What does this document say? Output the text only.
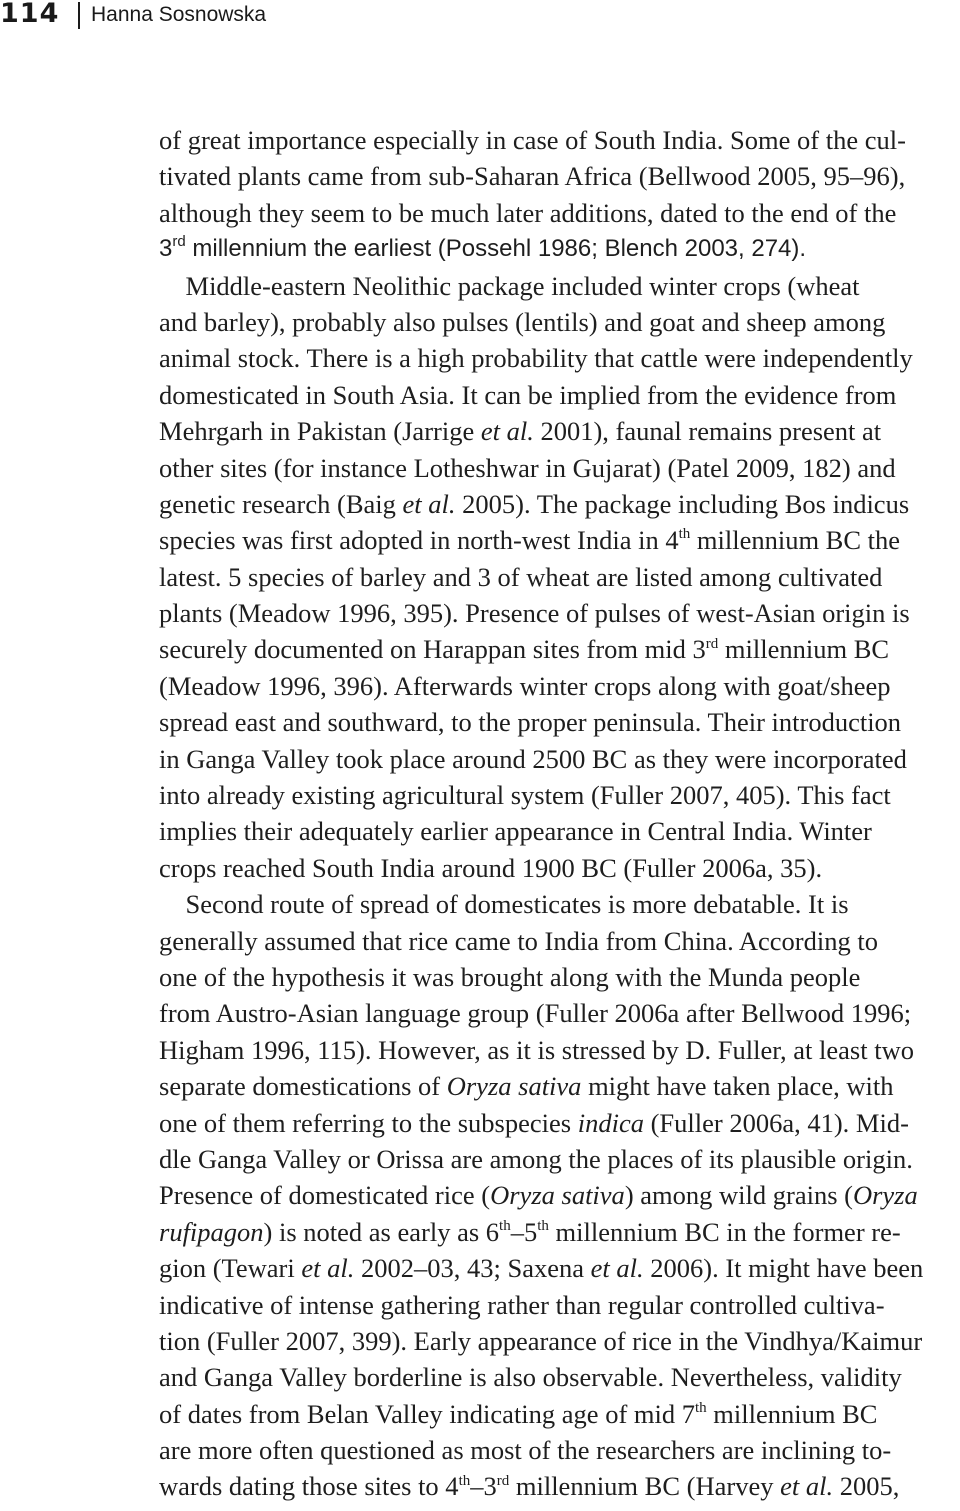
114 Hanna Sosnowska
of great importance especially in case of South India. Some of the cul-
tivated plants came from sub-Saharan Africa (Bellwood 2005, 95–96),
although they seem to be much later additions, dated to the end of the
3rd millennium the earliest (Possehl 1986; Blench 2003, 274).
Middle-eastern Neolithic package included winter crops (wheat
and barley), probably also pulses (lentils) and goat and sheep among
animal stock. There is a high probability that cattle were independently
domesticated in South Asia. It can be implied from the evidence from
Mehrgarh in Pakistan (Jarrige et al. 2001), faunal remains present at
other sites (for instance Lotheshwar in Gujarat) (Patel 2009, 182) and
genetic research (Baig et al. 2005). The package including Bos indicus
species was first adopted in north-west India in 4th millennium BC the
latest. 5 species of barley and 3 of wheat are listed among cultivated
plants (Meadow 1996, 395). Presence of pulses of west-Asian origin is
securely documented on Harappan sites from mid 3rd millennium BC
(Meadow 1996, 396). Afterwards winter crops along with goat/sheep
spread east and southward, to the proper peninsula. Their introduction
in Ganga Valley took place around 2500 BC as they were incorporated
into already existing agricultural system (Fuller 2007, 405). This fact
implies their adequately earlier appearance in Central India. Winter
crops reached South India around 1900 BC (Fuller 2006a, 35).
Second route of spread of domesticates is more debatable. It is
generally assumed that rice came to India from China. According to
one of the hypothesis it was brought along with the Munda people
from Austro-Asian language group (Fuller 2006a after Bellwood 1996;
Higham 1996, 115). However, as it is stressed by D. Fuller, at least two
separate domestications of Oryza sativa might have taken place, with
one of them referring to the subspecies indica (Fuller 2006a, 41). Mid-
dle Ganga Valley or Orissa are among the places of its plausible origin.
Presence of domesticated rice (Oryza sativa) among wild grains (Oryza
rufipagon) is noted as early as 6th–5th millennium BC in the former re-
gion (Tewari et al. 2002–03, 43; Saxena et al. 2006). It might have been
indicative of intense gathering rather than regular controlled cultiva-
tion (Fuller 2007, 399). Early appearance of rice in the Vindhya/Kaimur
and Ganga Valley borderline is also observable. Nevertheless, validity
of dates from Belan Valley indicating age of mid 7th millennium BC
are more often questioned as most of the researchers are inclining to-
wards dating those sites to 4th–3rd millennium BC (Harvey et al. 2005,
